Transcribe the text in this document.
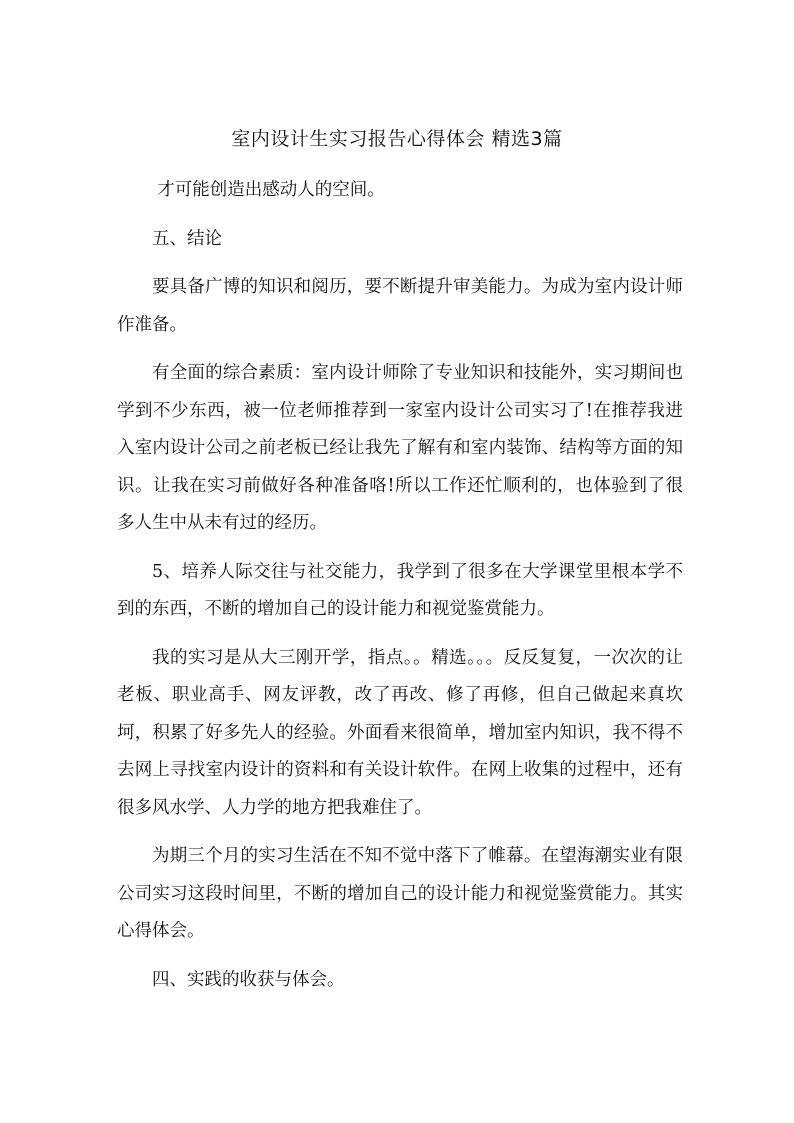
室内设计生实习报告心得体会 精选3篇

才可能创造出感动人的空间。

五、结论

要具备广博的知识和阅历，要不断提升审美能力。为成为室内设计师作准备。

有全面的综合素质：室内设计师除了专业知识和技能外，实习期间也学到不少东西，被一位老师推荐到一家室内设计公司实习了!在推荐我进入室内设计公司之前老板已经让我先了解有和室内装饰、结构等方面的知识。让我在实习前做好各种准备咯!所以工作还忙顺利的，也体验到了很多人生中从未有过的经历。

5、培养人际交往与社交能力，我学到了很多在大学课堂里根本学不到的东西，不断的增加自己的设计能力和视觉鉴赏能力。

我的实习是从大三刚开学，指点。。精选。。。反反复复，一次次的让老板、职业高手、网友评教，改了再改、修了再修，但自己做起来真坎坷，积累了好多先人的经验。外面看来很简单，增加室内知识，我不得不去网上寻找室内设计的资料和有关设计软件。在网上收集的过程中，还有很多风水学、人力学的地方把我难住了。

为期三个月的实习生活在不知不觉中落下了帷幕。在望海潮实业有限公司实习这段时间里，不断的增加自己的设计能力和视觉鉴赏能力。其实心得体会。

四、实践的收获与体会。
